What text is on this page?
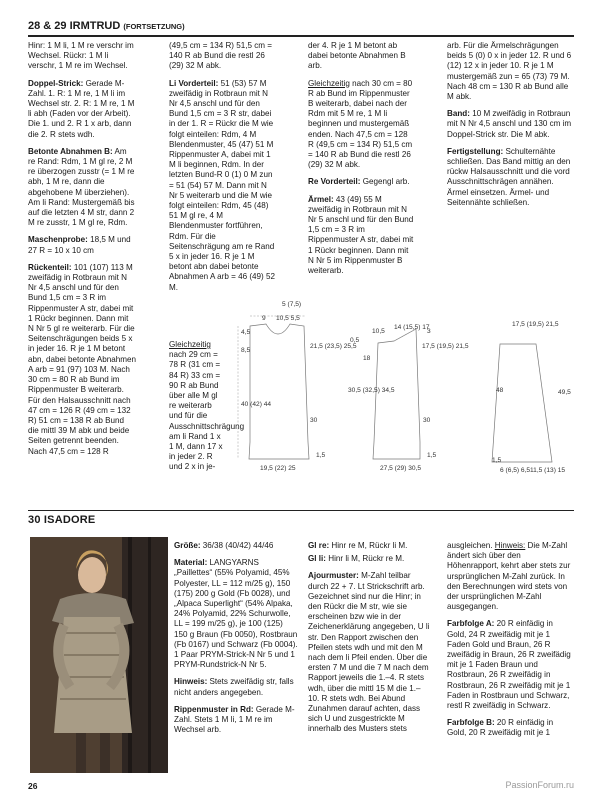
28 & 29 IRMTRUD (FORTSETZUNG)

Hinr: 1 M li, 1 M re verschr im Wechsel. Rückr: 1 M li verschr, 1 M re im Wechsel.

Doppel-Strick: Gerade M-Zahl. 1. R: 1 M re, 1 M li im Wechsel str. 2. R: 1 M re, 1 M li abh (Faden vor der Arbeit). Die 1. und 2. R 1 x arb, dann die 2. R stets wdh.

Betonte Abnahmen B: Am re Rand: Rdm, 1 M gl re, 2 M re überzogen zusstr (= 1 M re abh, 1 M re, dann die abgehobene M überziehen). Am li Rand: Mustergemäß bis auf die letzten 4 M str, dann 2 M re zusstr, 1 M gl re, Rdm.

Maschenprobe: 18,5 M und 27 R = 10 x 10 cm

Rückenteil: 101 (107) 113 M zweifädig in Rotbraun mit N Nr 4,5 anschl und für den Bund 1,5 cm = 3 R im Rippenmuster A str, dabei mit 1 Rückr beginnen. Dann mit N Nr 5 gl re weiterarb. Für die Seitenschrägungen beids 5 x in jeder 16. R je 1 M betont abn, dabei betonte Abnahmen A arb = 91 (97) 103 M. Nach 30 cm = 80 R ab Bund im Rippenmuster B weiterarb. Für den Halsausschnitt nach 47 cm = 126 R (49 cm = 132 R) 51 cm = 138 R ab Bund die mittl 39 M abk und beide Seiten getrennt beenden. Nach 47,5 cm = 128 R

(49,5 cm = 134 R) 51,5 cm = 140 R ab Bund die restl 26 (29) 32 M abk.

Li Vorderteil: 51 (53) 57 M zweifädig in Rotbraun mit N Nr 4,5 anschl und für den Bund 1,5 cm = 3 R str, dabei in der 1. R = Rückr die M wie folgt einteilen: Rdm, 4 M Blendenmuster, 45 (47) 51 M Rippenmuster A, dabei mit 1 M li beginnen, Rdm. In der letzten Bund-R 0 (1) 0 M zun = 51 (54) 57 M. Dann mit N Nr 5 weiterarb und die M wie folgt einteilen: Rdm, 45 (48) 51 M gl re, 4 M Blendenmuster fortführen, Rdm. Für die Seitenschrägung am re Rand 5 x in jeder 16. R je 1 M betont abn dabei betonte Abnahmen A arb = 46 (49) 52 M.

Gleichzeitig nach 29 cm = 78 R (31 cm = 84 R) 33 cm = 90 R ab Bund über alle M gl re weiterarb und für die Ausschnittschrägung am li Rand 1 x 1 M, dann 17 x in jeder 2. R und 2 x in je-

der 4. R je 1 M betont ab dabei betonte Abnahmen B arb.

Gleichzeitig nach 30 cm = 80 R ab Bund im Rippenmuster B weiterarb, dabei nach der Rdm mit 5 M re, 1 M li beginnen und mustergemäß enden. Nach 47,5 cm = 128 R (49,5 cm = 134 R) 51,5 cm = 140 R ab Bund die restl 26 (29) 32 M abk.

Re Vorderteil: Gegengl arb.

Ärmel: 43 (49) 55 M zweifädig in Rotbraun mit N Nr 5 anschl und für den Bund 1,5 cm = 3 R im Rippenmuster A str, dabei mit 1 Rückr beginnen. Dann mit N Nr 5 im Rippenmuster B weiterarb.

arb. Für die Ärmelschrägungen beids 5 (0) 0 x in jeder 12. R und 6 (12) 12 x in jeder 10. R je 1 M mustergemäß zun = 65 (73) 79 M. Nach 48 cm = 130 R ab Bund alle M abk.

Band: 10 M zweifädig in Rotbraun mit N Nr 4,5 anschl und 130 cm im Doppel-Strick str. Die M abk.

Fertigstellung: Schulternähte schließen. Das Band mittig an den rückw Halsausschnitt und die vord Ausschnittschrägen annähen. Ärmel einsetzen. Ärmel- und Seitennähte schließen.

9
5 (7,5)
10,5 5,5
4,5
8,5
21,5 (23,5) 25,5
40 (42) 44
30
1,5
19,5 (22) 25
10,5
14 (15,5) 17
3
0,5
18
17,5 (19,5) 21,5
30,5 (32,5) 34,5
30
1,5
27,5 (29) 30,5
17,5 (19,5) 21,5
48	49,5
1,5
6 (6,5) 6,5 11,5 (13) 15
30 ISADORE

Größe: 36/38 (40/42) 44/46

Material: LANGYARNS „Paillettes“ (55% Polyamid, 45% Polyester, LL = 112 m/25 g), 150 (175) 200 g Gold (Fb 0028), und „Alpaca Superlight“ (54% Alpaka, 24% Polyamid, 22% Schurwolle, LL = 199 m/25 g), je 100 (125) 150 g Braun (Fb 0050), Rostbraun (Fb 0167) und Schwarz (Fb 0004). 1 Paar PRYM-Strick-N Nr 5 und 1 PRYM-Rundstrick-N Nr 5.

Hinweis: Stets zweifädig str, falls nicht anders angegeben.

Rippenmuster in Rd: Gerade M-Zahl. Stets 1 M li, 1 M re im Wechsel arb.

Gl re: Hinr re M, Rückr li M.

Gl li: Hinr li M, Rückr re M.

Ajourmuster: M-Zahl teilbar durch 22 + 7. Lt Strickschrift arb. Gezeichnet sind nur die Hinr; in den Rückr die M str, wie sie erscheinen bzw wie in der Zeichenerklärung angegeben, U li str. Den Rapport zwischen den Pfeilen stets wdh und mit den M nach dem li Pfeil enden. Über die ersten 7 M und die 7 M nach dem Rapport jeweils die 1.–4. R stets wdh, über die mittl 15 M die 1.–10. R stets wdh. Bei Abund Zunahmen darauf achten, dass sich U und zusgestrickte M innerhalb des Musters stets

ausgleichen. Hinweis: Die M-Zahl ändert sich über den Höhenrapport, kehrt aber stets zur ursprünglichen M-Zahl zurück. In den Berechnungen wird stets von der ursprünglichen M-Zahl ausgegangen.

Farbfolge A: 20 R einfädig in Gold, 24 R zweifädig mit je 1 Faden Gold und Braun, 26 R zweifädig in Braun, 26 R zweifädig mit je 1 Faden Braun und Rostbraun, 26 R zweifädig in Rostbraun, 26 R zweifädig mit je 1 Faden in Rostbraun und Schwarz, restl R zweifädig in Schwarz.

Farbfolge B: 20 R einfädig in Gold, 20 R zweifädig mit je 1

26	PassionForum.ru
